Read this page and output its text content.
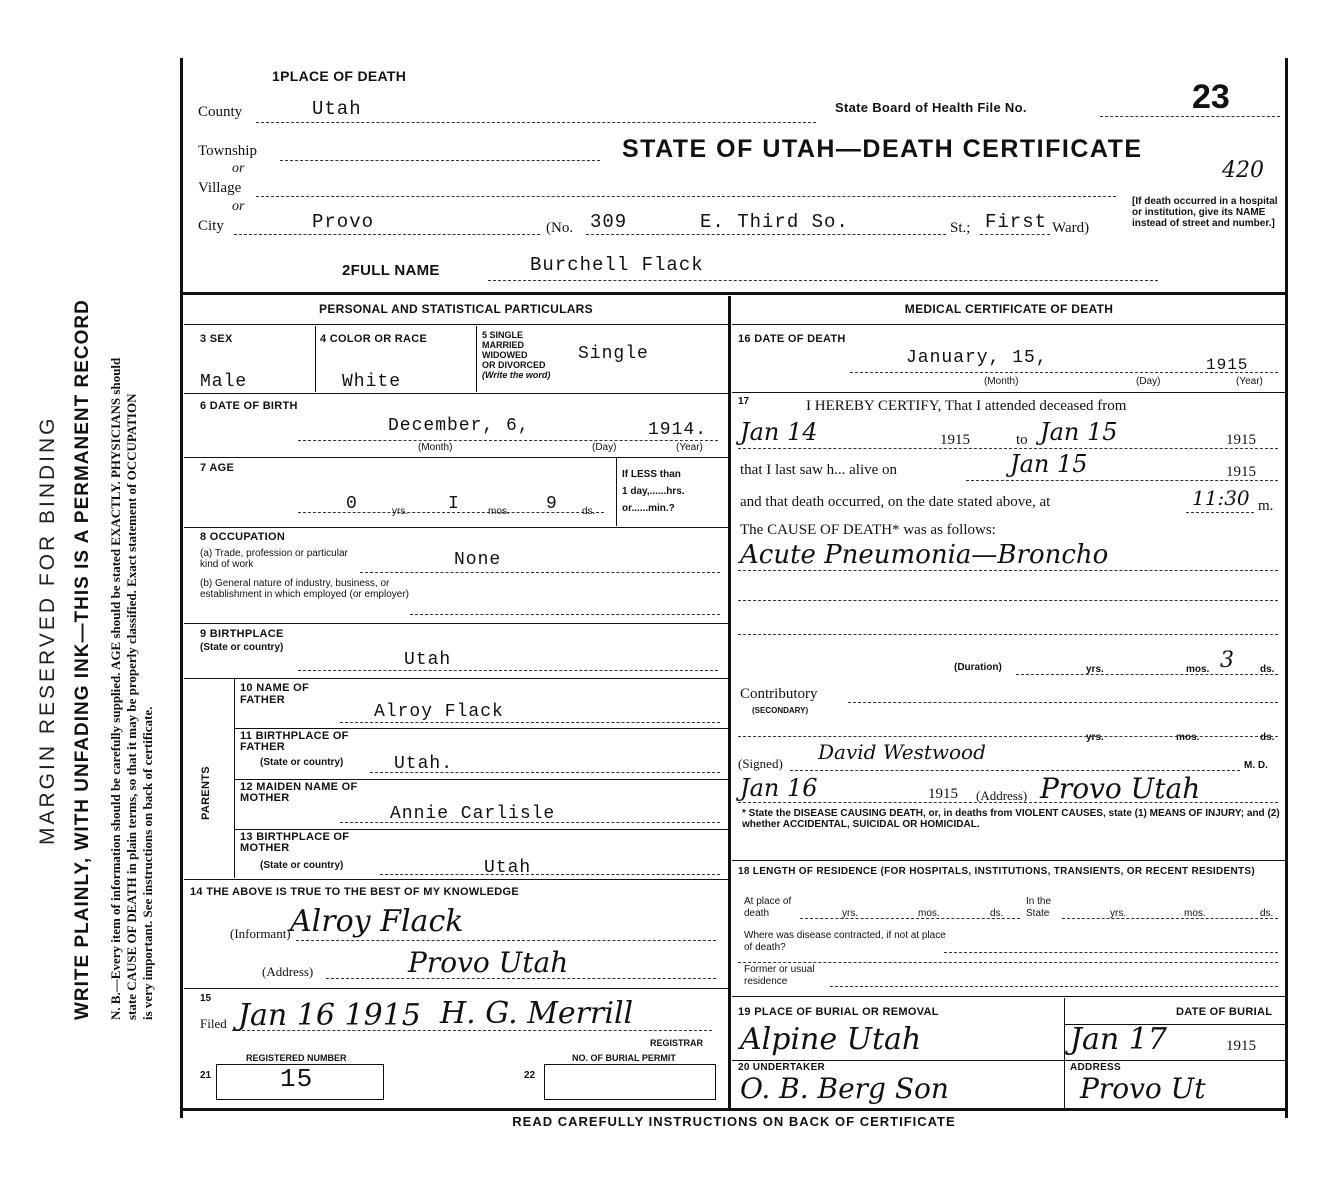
MARGIN RESERVED FOR BINDING WRITE PLAINLY, WITH UNFADING INK—THIS IS A PERMANENT RECORD N. B.—Every item of information should be carefully supplied. AGE should be stated EXACTLY. PHYSICIANS should state CAUSE OF DEATH in plain terms, so that it may be properly classified. Exact statement of OCCUPATION is very important. See instructions on back of certificate.
1PLACE OF DEATH
County	Utah	State Board of Health File No.	23
Township
or
STATE OF UTAH—DEATH CERTIFICATE
420
Village
or
City	Provo	(No. 309	E. Third So.	St.; First Ward)
[If death occurred in a hospital or institution, give its NAME instead of street and number.]
2FULL NAME	Burchell Flack
PERSONAL AND STATISTICAL PARTICULARS
3 SEX
Male
4 COLOR OR RACE
White
5 SINGLE
MARRIED
WIDOWED
OR DIVORCED
(Write the word)
Single
6 DATE OF BIRTH
December, 6,	1914.
(Month)	(Day)	(Year)
7 AGE
0	yrs. I	mos. 9 ds.
If LESS than
1 day,......hrs.
or......min.?
8 OCCUPATION
(a) Trade, profession or particular kind of work	None
(b) General nature of industry, business, or establishment in which employed (or employer)
9 BIRTHPLACE
(State or country)
Utah
PARENTS
10 NAME OF FATHER
Alroy Flack
11 BIRTHPLACE OF FATHER
(State or country)	Utah.
12 MAIDEN NAME OF MOTHER
Annie Carlisle
13 BIRTHPLACE OF MOTHER
(State or country)	Utah
14 THE ABOVE IS TRUE TO THE BEST OF MY KNOWLEDGE
(Informant) Alroy Flack
(Address)	Provo Utah
15
Filed Jan 16 1915 H. G. Merrill
REGISTRAR
REGISTERED NUMBER
21	15
NO. OF BURIAL PERMIT
22
MEDICAL CERTIFICATE OF DEATH
16 DATE OF DEATH
January, 15,	1915
(Month)	(Day)	(Year)
17	I HEREBY CERTIFY, That I attended deceased from
Jan 14	1915	to Jan 15	1915
that I last saw h... alive on	Jan 15	1915
and that death occurred, on the date stated above, at	11:30 m.
The CAUSE OF DEATH* was as follows:
Acute Pneumonia—Broncho
(Duration)	yrs.	mos. 3	ds.
Contributory
(SECONDARY)
yrs.	mos.	ds.
(Signed) David Westwood
M. D.
Jan 16	1915 (Address) Provo Utah
* State the DISEASE CAUSING DEATH, or, in deaths from VIOLENT CAUSES, state (1) MEANS OF INJURY; and (2) whether ACCIDENTAL, SUICIDAL OR HOMICIDAL.
18 LENGTH OF RESIDENCE (FOR HOSPITALS, INSTITUTIONS, TRANSIENTS, OR RECENT RESIDENTS)
At place of death	yrs.	mos.	ds.
In the State	yrs.	mos.	ds.
Where was disease contracted, if not at place of death?
Former or usual residence
19 PLACE OF BURIAL OR REMOVAL	DATE OF BURIAL
Alpine Utah	Jan 17	1915
20 UNDERTAKER	ADDRESS
O. B. Berg Son	Provo Ut
READ CAREFULLY INSTRUCTIONS ON BACK OF CERTIFICATE
